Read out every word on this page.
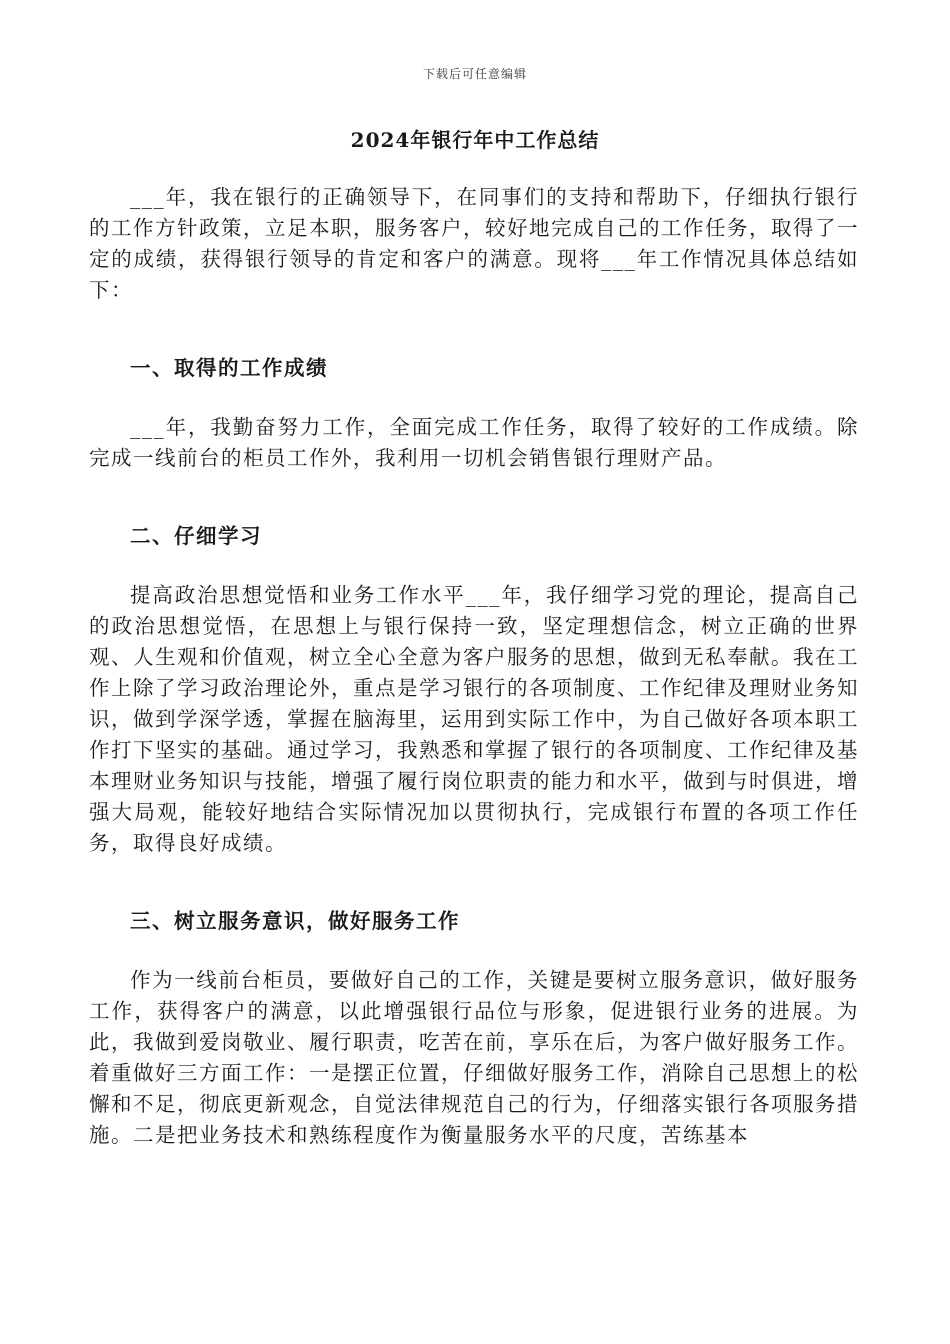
下载后可任意编辑
2024年银行年中工作总结

___年，我在银行的正确领导下，在同事们的支持和帮助下，仔细执行银行的工作方针政策，立足本职，服务客户，较好地完成自己的工作任务，取得了一定的成绩，获得银行领导的肯定和客户的满意。现将___年工作情况具体总结如下：

一、取得的工作成绩

___年，我勤奋努力工作，全面完成工作任务，取得了较好的工作成绩。除完成一线前台的柜员工作外，我利用一切机会销售银行理财产品。

二、仔细学习

提高政治思想觉悟和业务工作水平___年，我仔细学习党的理论，提高自己的政治思想觉悟，在思想上与银行保持一致，坚定理想信念，树立正确的世界观、人生观和价值观，树立全心全意为客户服务的思想，做到无私奉献。我在工作上除了学习政治理论外，重点是学习银行的各项制度、工作纪律及理财业务知识，做到学深学透，掌握在脑海里，运用到实际工作中，为自己做好各项本职工作打下坚实的基础。通过学习，我熟悉和掌握了银行的各项制度、工作纪律及基本理财业务知识与技能，增强了履行岗位职责的能力和水平，做到与时俱进，增强大局观，能较好地结合实际情况加以贯彻执行，完成银行布置的各项工作任务，取得良好成绩。

三、树立服务意识，做好服务工作

作为一线前台柜员，要做好自己的工作，关键是要树立服务意识，做好服务工作，获得客户的满意，以此增强银行品位与形象，促进银行业务的进展。为此，我做到爱岗敬业、履行职责，吃苦在前，享乐在后，为客户做好服务工作。着重做好三方面工作：一是摆正位置，仔细做好服务工作，消除自己思想上的松懈和不足，彻底更新观念，自觉法律规范自己的行为，仔细落实银行各项服务措施。二是把业务技术和熟练程度作为衡量服务水平的尺度，苦练基本
